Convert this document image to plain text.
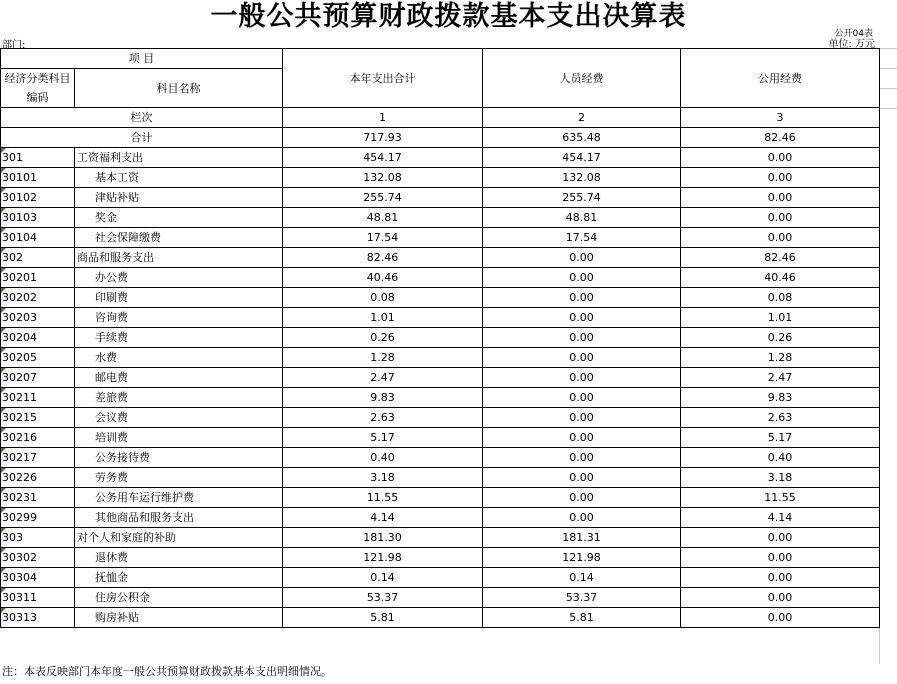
一般公共预算财政拨款基本支出决算表
公开04表
单位: 万元
部门:
项 目		本年支出合计	人员经费	公用经费
经济分类科目编码	科目名称			
栏次		1	2	3
合计		717.93	635.48	82.46
301	工资福利支出	454.17	454.17	0.00
30101	基本工资	132.08	132.08	0.00
30102	津贴补贴	255.74	255.74	0.00
30103	奖金	48.81	48.81	0.00
30104	社会保障缴费	17.54	17.54	0.00
302	商品和服务支出	82.46	0.00	82.46
30201	办公费	40.46	0.00	40.46
30202	印刷费	0.08	0.00	0.08
30203	咨询费	1.01	0.00	1.01
30204	手续费	0.26	0.00	0.26
30205	水费	1.28	0.00	1.28
30207	邮电费	2.47	0.00	2.47
30211	差旅费	9.83	0.00	9.83
30215	会议费	2.63	0.00	2.63
30216	培训费	5.17	0.00	5.17
30217	公务接待费	0.40	0.00	0.40
30226	劳务费	3.18	0.00	3.18
30231	公务用车运行维护费	11.55	0.00	11.55
30299	其他商品和服务支出	4.14	0.00	4.14
303	对个人和家庭的补助	181.30	181.31	0.00
30302	退休费	121.98	121.98	0.00
30304	抚恤金	0.14	0.14	0.00
30311	住房公积金	53.37	53.37	0.00
30313	购房补贴	5.81	5.81	0.00
注：本表反映部门本年度一般公共预算财政拨款基本支出明细情况。
